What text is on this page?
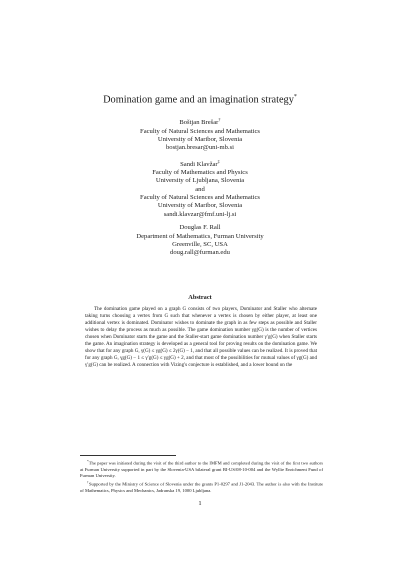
Domination game and an imagination strategy*
Boštjan Brešar†
Faculty of Natural Sciences and Mathematics
University of Maribor, Slovenia
bostjan.bresar@uni-mb.si
Sandi Klavžar‡
Faculty of Mathematics and Physics
University of Ljubljana, Slovenia
and
Faculty of Natural Sciences and Mathematics
University of Maribor, Slovenia
sandi.klavzar@fmf.uni-lj.si
Douglas F. Rall
Department of Mathematics, Furman University
Greenville, SC, USA
doug.rall@furman.edu
Abstract
The domination game played on a graph G consists of two players, Dominator and Staller who alternate taking turns choosing a vertex from G such that whenever a vertex is chosen by either player, at least one additional vertex is dominated. Dominator wishes to dominate the graph in as few steps as possible and Staller wishes to delay the process as much as possible. The game domination number γg(G) is the number of vertices chosen when Dominator starts the game and the Staller-start game domination number γ′g(G) when Staller starts the game. An imagination strategy is developed as a general tool for proving results on the domination game. We show that for any graph G, γ(G) ≤ γg(G) ≤ 2γ(G) − 1, and that all possible values can be realized. It is proved that for any graph G, γg(G) − 1 ≤ γ′g(G) ≤ γg(G) + 2, and that most of the possibilities for mutual values of γg(G) and γ′g(G) can be realized. A connection with Vizing's conjecture is established, and a lower bound on the
*The paper was initiated during the visit of the third author to the IMFM and completed during the visit of the first two authors at Furman University supported in part by the Slovenia-USA bilateral grant BI-US/08-10-004 and the Wyllie Enrichment Fund of Furman University.
†Supported by the Ministry of Science of Slovenia under the grants P1-0297 and J1-2043. The author is also with the Institute of Mathematics, Physics and Mechanics, Jadranska 19, 1000 Ljubljana.
1
